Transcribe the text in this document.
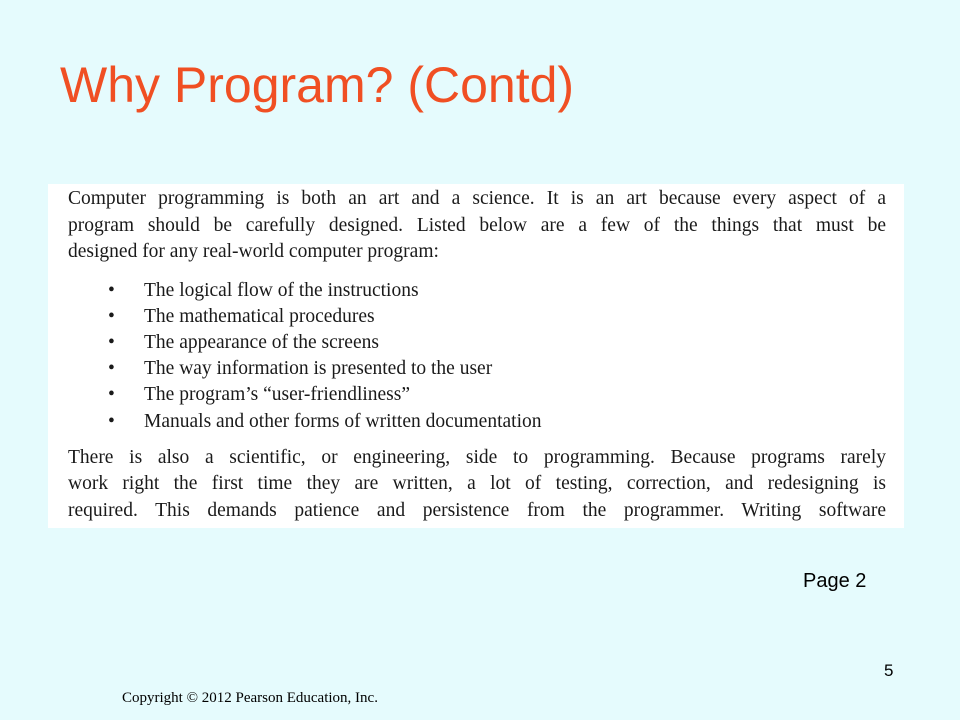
Why Program? (Contd)

Computer programming is both an art and a science. It is an art because every aspect of a

program should be carefully designed. Listed below are a few of the things that must be

designed for any real-world computer program:

• The logical flow of the instructions
• The mathematical procedures
• The appearance of the screens
• The way information is presented to the user
• The program’s “user-friendliness”
• Manuals and other forms of written documentation

There is also a scientific, or engineering, side to programming. Because programs rarely

work right the first time they are written, a lot of testing, correction, and redesigning is

required. This demands patience and persistence from the programmer. Writing software

Page 2
5
Copyright © 2012 Pearson Education, Inc.
